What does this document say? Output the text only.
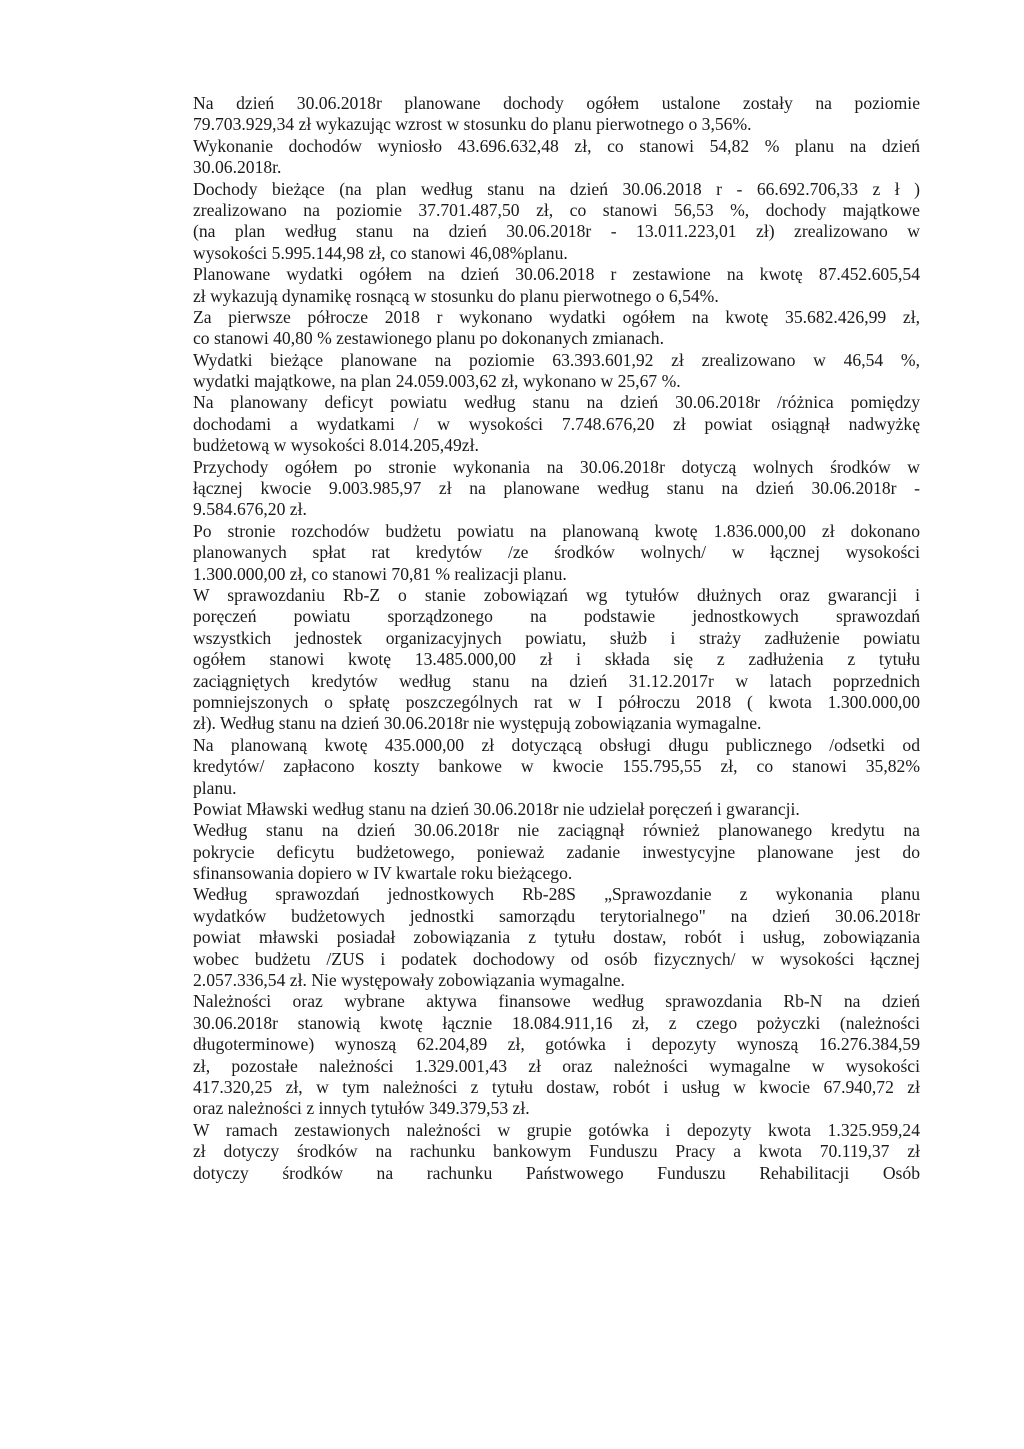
Na dzień 30.06.2018r planowane dochody ogółem ustalone zostały na poziomie
79.703.929,34 zł wykazując wzrost w stosunku do planu pierwotnego o 3,56%.
Wykonanie dochodów wyniosło 43.696.632,48 zł, co stanowi 54,82 % planu na dzień
30.06.2018r.
Dochody bieżące (na plan według stanu na dzień 30.06.2018 r - 66.692.706,33 z ł )
zrealizowano na poziomie 37.701.487,50 zł, co stanowi 56,53 %, dochody majątkowe
(na plan według stanu na dzień 30.06.2018r - 13.011.223,01 zł) zrealizowano w
wysokości 5.995.144,98 zł, co stanowi 46,08%planu.
Planowane wydatki ogółem na dzień 30.06.2018 r zestawione na kwotę 87.452.605,54
zł wykazują dynamikę rosnącą w stosunku do planu pierwotnego o 6,54%.
Za pierwsze półrocze 2018 r wykonano wydatki ogółem na kwotę 35.682.426,99 zł,
co stanowi 40,80 % zestawionego planu po dokonanych zmianach.
Wydatki bieżące planowane na poziomie 63.393.601,92 zł zrealizowano w 46,54 %,
wydatki majątkowe, na plan 24.059.003,62 zł, wykonano w 25,67 %.
Na planowany deficyt powiatu według stanu na dzień 30.06.2018r /różnica pomiędzy
dochodami a wydatkami / w wysokości 7.748.676,20 zł powiat osiągnął nadwyżkę
budżetową w wysokości 8.014.205,49zł.
Przychody ogółem po stronie wykonania na 30.06.2018r dotyczą wolnych środków w
łącznej kwocie 9.003.985,97 zł na planowane według stanu na dzień 30.06.2018r -
9.584.676,20 zł.
Po stronie rozchodów budżetu powiatu na planowaną kwotę 1.836.000,00 zł dokonano
planowanych spłat rat kredytów /ze środków wolnych/ w łącznej wysokości
1.300.000,00 zł, co stanowi 70,81 % realizacji planu.
W sprawozdaniu Rb-Z o stanie zobowiązań wg tytułów dłużnych oraz gwarancji i
poręczeń powiatu sporządzonego na podstawie jednostkowych sprawozdań
wszystkich jednostek organizacyjnych powiatu, służb i straży zadłużenie powiatu
ogółem stanowi kwotę 13.485.000,00 zł i składa się z zadłużenia z tytułu
zaciągniętych kredytów według stanu na dzień 31.12.2017r w latach poprzednich
pomniejszonych o spłatę poszczególnych rat w I półroczu 2018 ( kwota 1.300.000,00
zł). Według stanu na dzień 30.06.2018r nie występują zobowiązania wymagalne.
Na planowaną kwotę 435.000,00 zł dotyczącą obsługi długu publicznego /odsetki od
kredytów/ zapłacono koszty bankowe w kwocie 155.795,55 zł, co stanowi 35,82%
planu.
Powiat Mławski według stanu na dzień 30.06.2018r nie udzielał poręczeń i gwarancji.
Według stanu na dzień 30.06.2018r nie zaciągnął również planowanego kredytu na
pokrycie deficytu budżetowego, ponieważ zadanie inwestycyjne planowane jest do
sfinansowania dopiero w IV kwartale roku bieżącego.
Według sprawozdań jednostkowych Rb-28S „Sprawozdanie z wykonania planu
wydatków budżetowych jednostki samorządu terytorialnego" na dzień 30.06.2018r
powiat mławski posiadał zobowiązania z tytułu dostaw, robót i usług, zobowiązania
wobec budżetu /ZUS i podatek dochodowy od osób fizycznych/ w wysokości łącznej
2.057.336,54 zł. Nie występowały zobowiązania wymagalne.
Należności oraz wybrane aktywa finansowe według sprawozdania Rb-N na dzień
30.06.2018r stanowią kwotę łącznie 18.084.911,16 zł, z czego pożyczki (należności
długoterminowe) wynoszą 62.204,89 zł, gotówka i depozyty wynoszą 16.276.384,59
zł, pozostałe należności 1.329.001,43 zł oraz należności wymagalne w wysokości
417.320,25 zł, w tym należności z tytułu dostaw, robót i usług w kwocie 67.940,72 zł
oraz należności z innych tytułów 349.379,53 zł.
W ramach zestawionych należności w grupie gotówka i depozyty kwota 1.325.959,24
zł dotyczy środków na rachunku bankowym Funduszu Pracy a kwota 70.119,37 zł
dotyczy środków na rachunku Państwowego Funduszu Rehabilitacji Osób
